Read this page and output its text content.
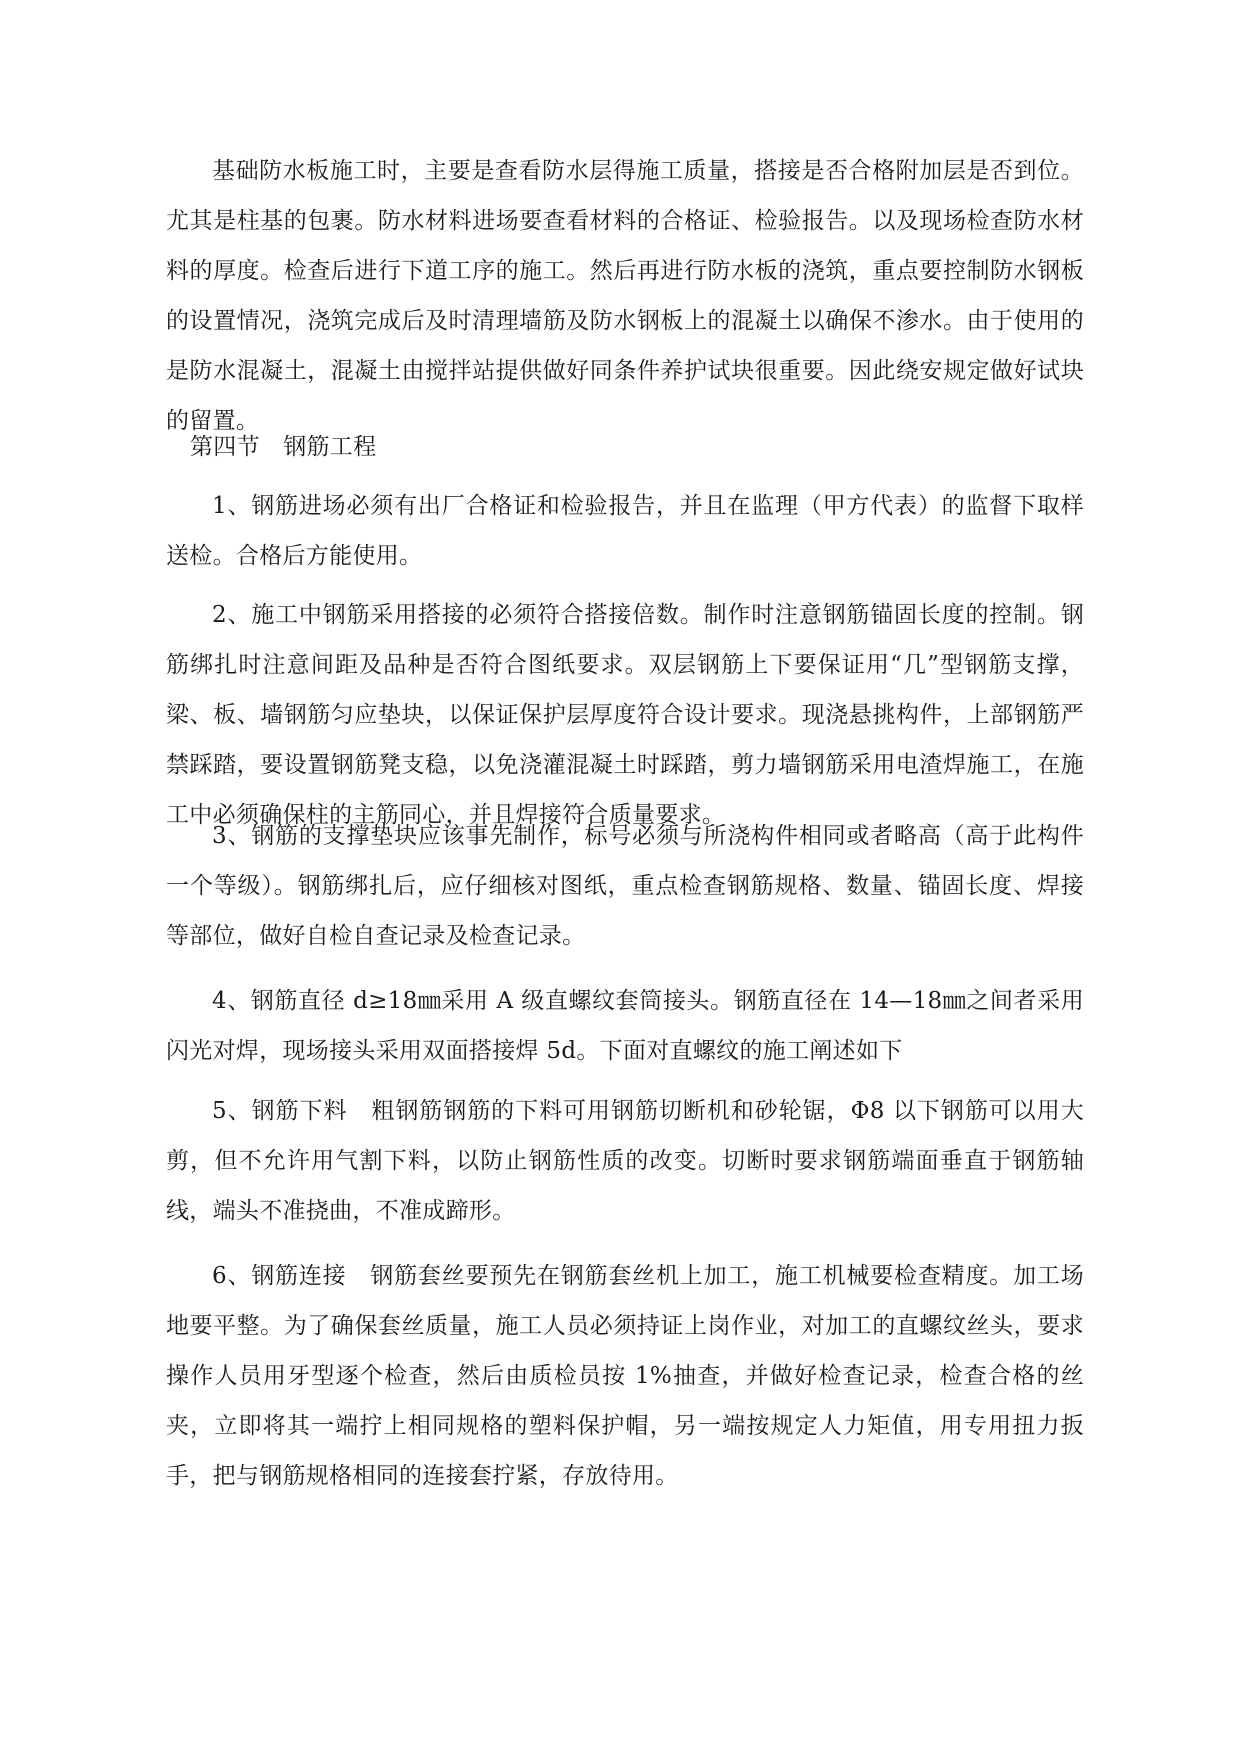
基础防水板施工时，主要是查看防水层得施工质量，搭接是否合格附加层是否到位。尤其是柱基的包裹。防水材料进场要查看材料的合格证、检验报告。以及现场检查防水材料的厚度。检查后进行下道工序的施工。然后再进行防水板的浇筑，重点要控制防水钢板的设置情况，浇筑完成后及时清理墙筋及防水钢板上的混凝土以确保不渗水。由于使用的是防水混凝土，混凝土由搅拌站提供做好同条件养护试块很重要。因此绕安规定做好试块的留置。

第四节　钢筋工程

1、钢筋进场必须有出厂合格证和检验报告，并且在监理（甲方代表）的监督下取样送检。合格后方能使用。

2、施工中钢筋采用搭接的必须符合搭接倍数。制作时注意钢筋锚固长度的控制。钢筋绑扎时注意间距及品种是否符合图纸要求。双层钢筋上下要保证用“几”型钢筋支撑，梁、板、墙钢筋匀应垫块，以保证保护层厚度符合设计要求。现浇悬挑构件，上部钢筋严禁踩踏，要设置钢筋凳支稳，以免浇灌混凝土时踩踏，剪力墙钢筋采用电渣焊施工，在施工中必须确保柱的主筋同心，并且焊接符合质量要求。

3、钢筋的支撑垫块应该事先制作，标号必须与所浇构件相同或者略高（高于此构件一个等级）。钢筋绑扎后，应仔细核对图纸，重点检查钢筋规格、数量、锚固长度、焊接等部位，做好自检自查记录及检查记录。

4、钢筋直径 d≥18㎜采用 A 级直螺纹套筒接头。钢筋直径在 14—18㎜之间者采用闪光对焊，现场接头采用双面搭接焊 5d。下面对直螺纹的施工阐述如下

5、钢筋下料　粗钢筋钢筋的下料可用钢筋切断机和砂轮锯，Φ8 以下钢筋可以用大剪，但不允许用气割下料，以防止钢筋性质的改变。切断时要求钢筋端面垂直于钢筋轴线，端头不准挠曲，不准成蹄形。

6、钢筋连接　钢筋套丝要预先在钢筋套丝机上加工，施工机械要检查精度。加工场地要平整。为了确保套丝质量，施工人员必须持证上岗作业，对加工的直螺纹丝头，要求操作人员用牙型逐个检查，然后由质检员按 1%抽查，并做好检查记录，检查合格的丝夹，立即将其一端拧上相同规格的塑料保护帽，另一端按规定人力矩值，用专用扭力扳手，把与钢筋规格相同的连接套拧紧，存放待用。
